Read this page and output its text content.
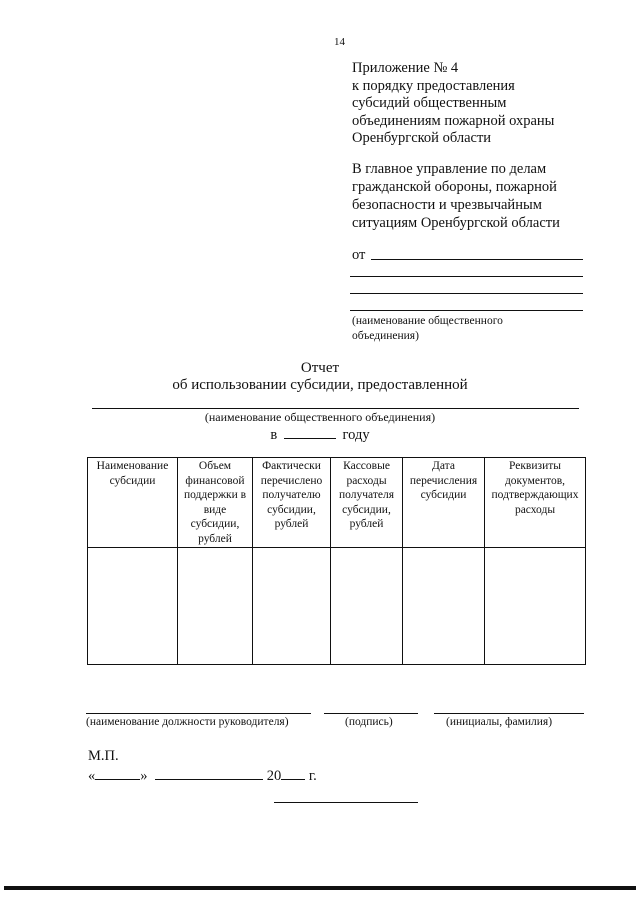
14
Приложение № 4
к порядку предоставления
субсидий общественным
объединениям пожарной охраны
Оренбургской области
В главное управление по делам
гражданской обороны, пожарной
безопасности и чрезвычайным
ситуациям Оренбургской области
от
(наименование общественного
объединения)
Отчет
об использовании субсидии, предоставленной
(наименование общественного объединения)
в	году
Наименование субсидии	Объем финансовой поддержки в виде субсидии, рублей	Фактически перечислено получателю субсидии, рублей	Кассовые расходы получателя субсидии, рублей	Дата перечисления субсидии	Реквизиты документов, подтверждающих расходы

(наименование должности руководителя)	(подпись)	(инициалы, фамилия)
М.П.
«	»	20 г.
